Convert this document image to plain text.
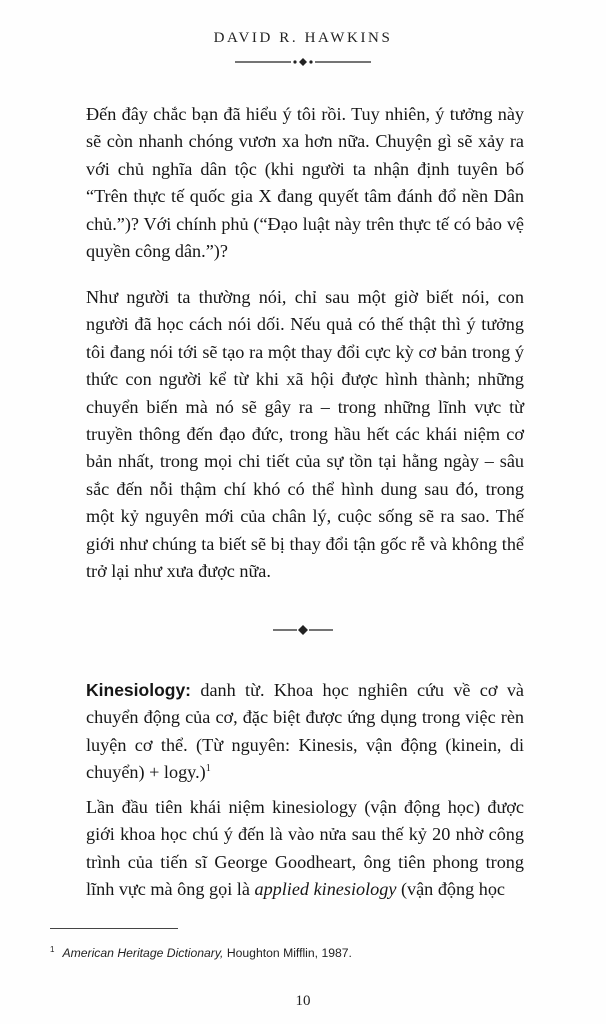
DAVID R. HAWKINS

Đến đây chắc bạn đã hiểu ý tôi rồi. Tuy nhiên, ý tưởng này sẽ còn nhanh chóng vươn xa hơn nữa. Chuyện gì sẽ xảy ra với chủ nghĩa dân tộc (khi người ta nhận định tuyên bố “Trên thực tế quốc gia X đang quyết tâm đánh đổ nền Dân chủ.”)? Với chính phủ (“Đạo luật này trên thực tế có bảo vệ quyền công dân.”)?

Như người ta thường nói, chỉ sau một giờ biết nói, con người đã học cách nói dối. Nếu quả có thế thật thì ý tưởng tôi đang nói tới sẽ tạo ra một thay đổi cực kỳ cơ bản trong ý thức con người kể từ khi xã hội được hình thành; những chuyển biến mà nó sẽ gây ra – trong những lĩnh vực từ truyền thông đến đạo đức, trong hầu hết các khái niệm cơ bản nhất, trong mọi chi tiết của sự tồn tại hằng ngày – sâu sắc đến nỗi thậm chí khó có thể hình dung sau đó, trong một kỷ nguyên mới của chân lý, cuộc sống sẽ ra sao. Thế giới như chúng ta biết sẽ bị thay đổi tận gốc rễ và không thể trở lại như xưa được nữa.

Kinesiology: danh từ. Khoa học nghiên cứu về cơ và chuyển động của cơ, đặc biệt được ứng dụng trong việc rèn luyện cơ thể. (Từ nguyên: Kinesis, vận động (kinein, di chuyển) + logy.)$^1$

Lần đầu tiên khái niệm kinesiology (vận động học) được giới khoa học chú ý đến là vào nửa sau thế kỷ 20 nhờ công trình của tiến sĩ George Goodheart, ông tiên phong trong lĩnh vực mà ông gọi là applied kinesiology (vận động học

$^1$ American Heritage Dictionary, Houghton Mifflin, 1987.

10
